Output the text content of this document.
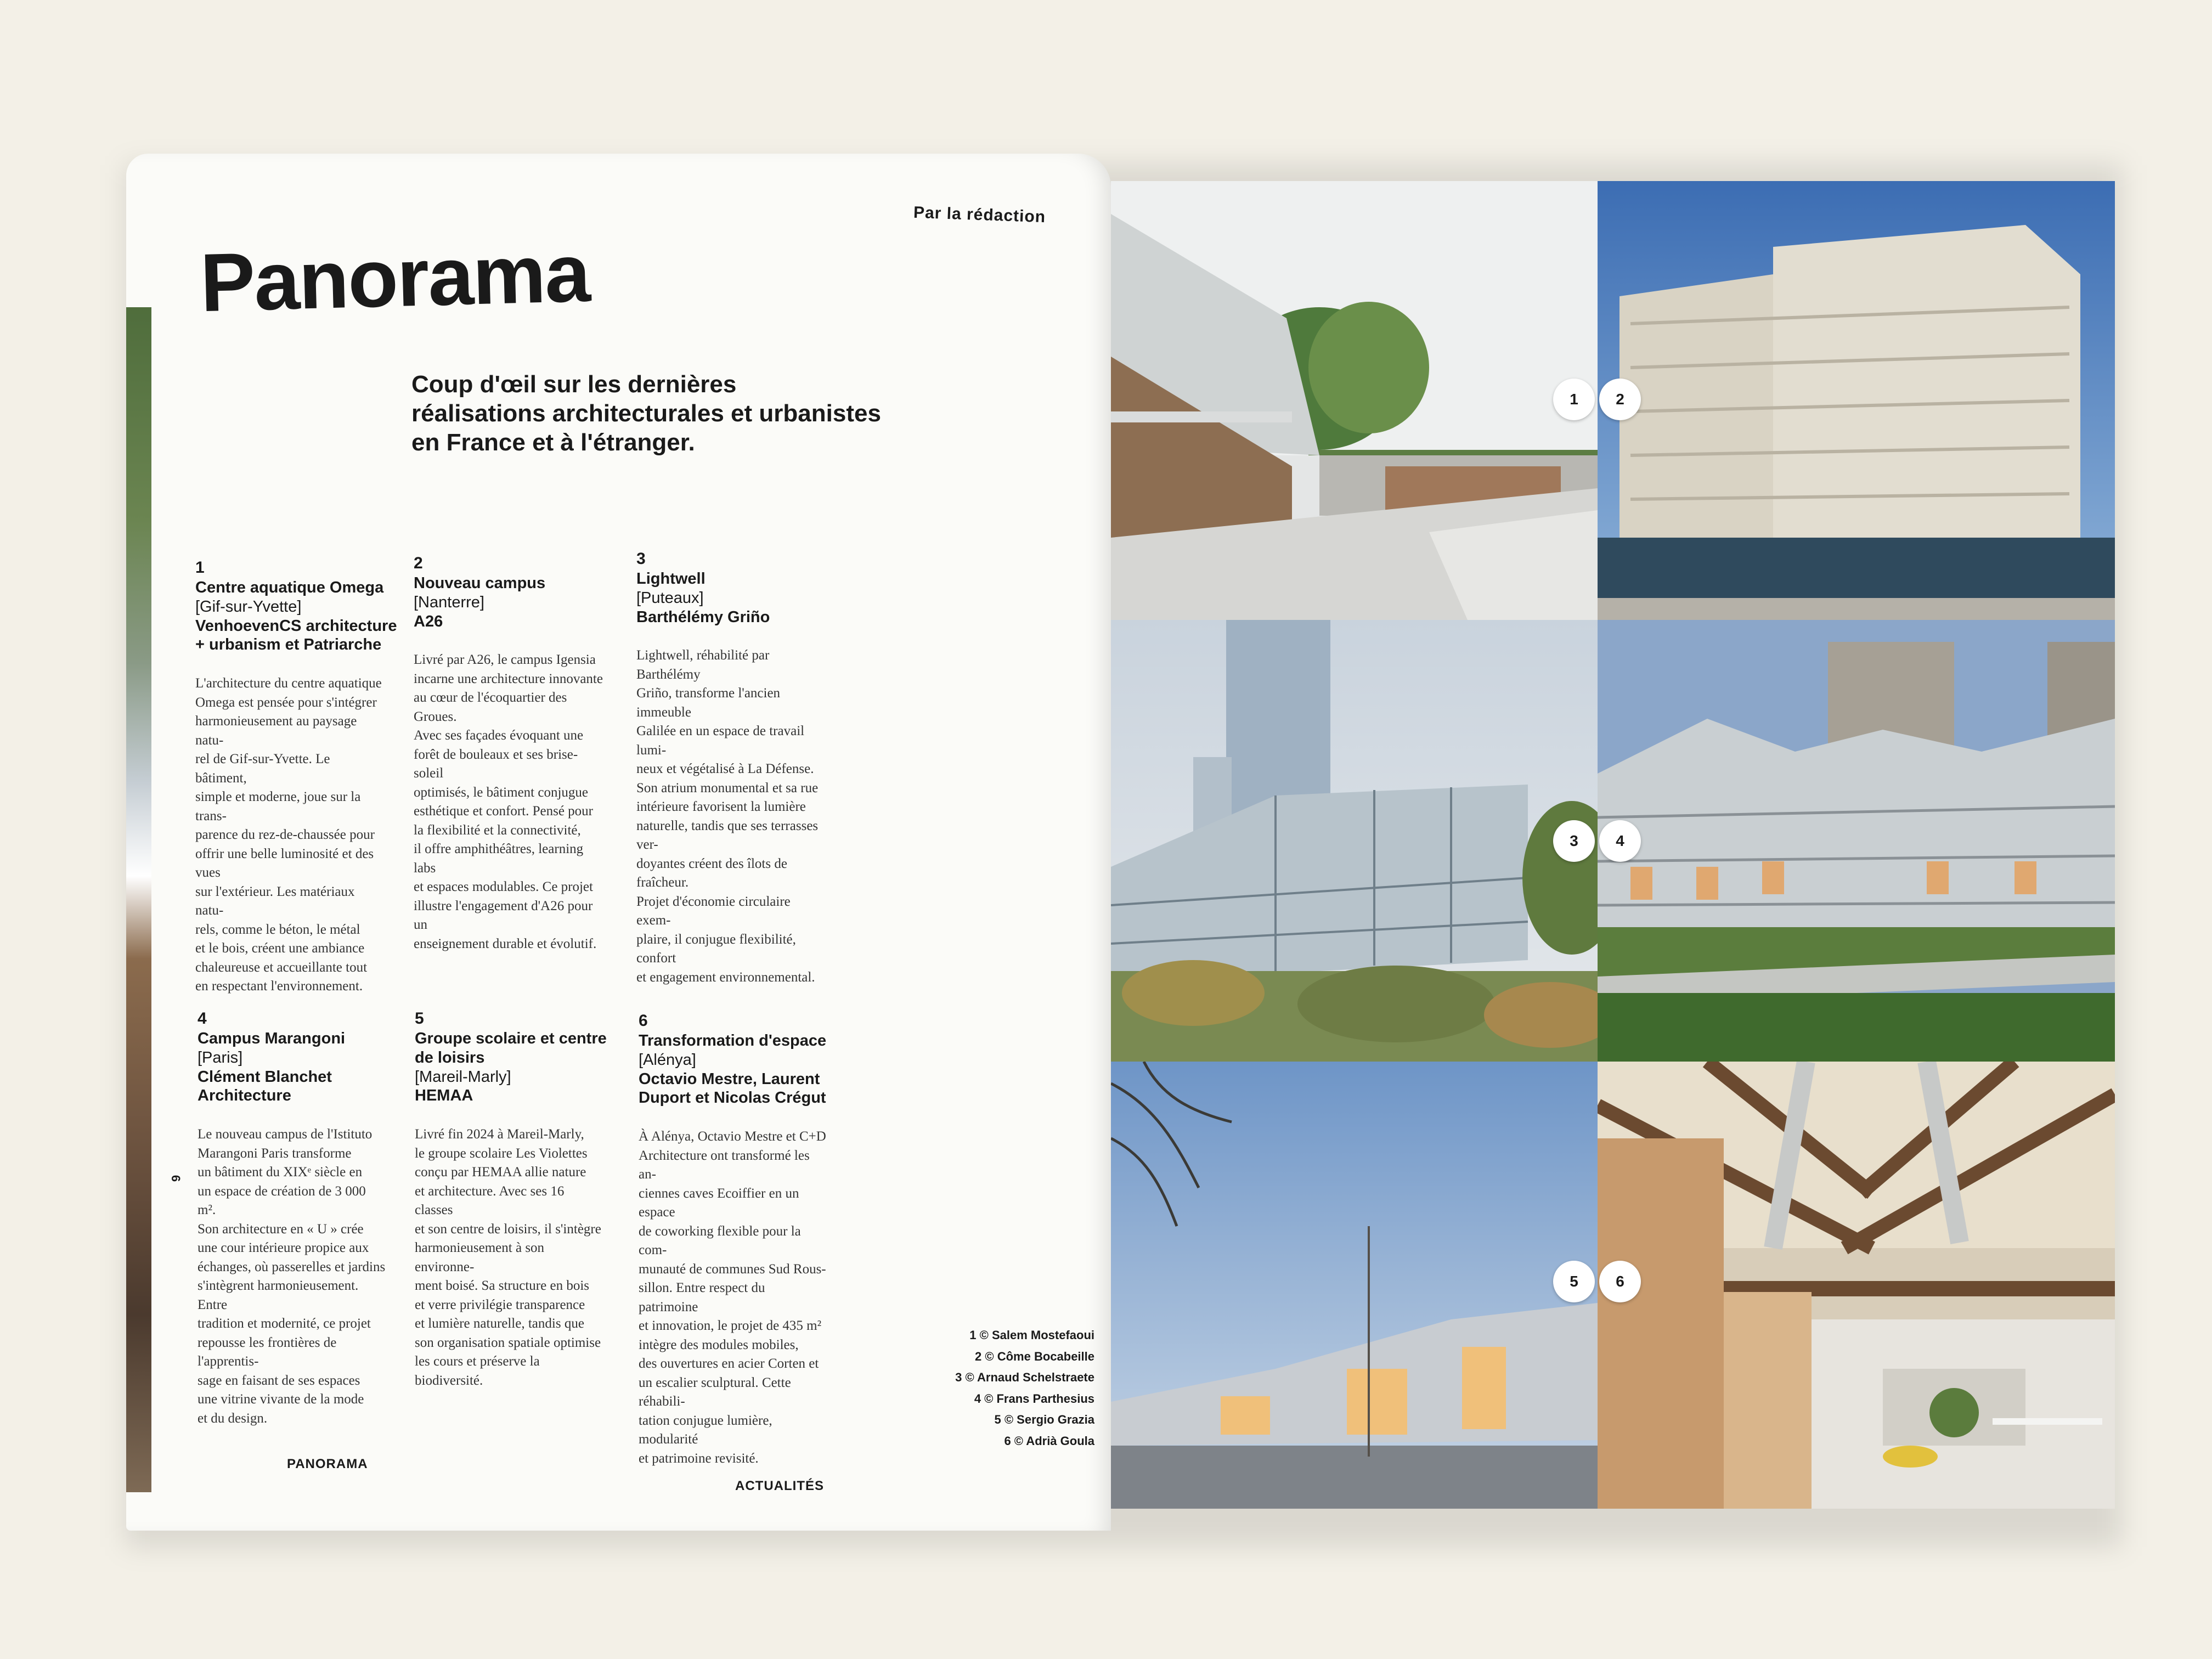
Par la rédaction
Panorama
Coup d'œil sur les dernières
réalisations architecturales et urbanistes
en France et à l'étranger.
1
Centre aquatique Omega
[Gif-sur-Yvette]
VenhoevenCS architecture
+ urbanism et Patriarche
L'architecture du centre aquatique
Omega est pensée pour s'intégrer
harmonieusement au paysage natu-
rel de Gif-sur-Yvette. Le bâtiment,
simple et moderne, joue sur la trans-
parence du rez-de-chaussée pour
offrir une belle luminosité et des vues
sur l'extérieur. Les matériaux natu-
rels, comme le béton, le métal
et le bois, créent une ambiance
chaleureuse et accueillante tout
en respectant l'environnement.
2
Nouveau campus
[Nanterre]
A26
Livré par A26, le campus Igensia
incarne une architecture innovante
au cœur de l'écoquartier des Groues.
Avec ses façades évoquant une
forêt de bouleaux et ses brise-soleil
optimisés, le bâtiment conjugue
esthétique et confort. Pensé pour
la flexibilité et la connectivité,
il offre amphithéâtres, learning labs
et espaces modulables. Ce projet
illustre l'engagement d'A26 pour un
enseignement durable et évolutif.
3
Lightwell
[Puteaux]
Barthélémy Griño
Lightwell, réhabilité par Barthélémy
Griño, transforme l'ancien immeuble
Galilée en un espace de travail lumi-
neux et végétalisé à La Défense.
Son atrium monumental et sa rue
intérieure favorisent la lumière
naturelle, tandis que ses terrasses ver-
doyantes créent des îlots de fraîcheur.
Projet d'économie circulaire exem-
plaire, il conjugue flexibilité, confort
et engagement environnemental.
4
Campus Marangoni
[Paris]
Clément Blanchet
Architecture
Le nouveau campus de l'Istituto
Marangoni Paris transforme
un bâtiment du XIXᵉ siècle en
un espace de création de 3 000 m².
Son architecture en « U » crée
une cour intérieure propice aux
échanges, où passerelles et jardins
s'intègrent harmonieusement. Entre
tradition et modernité, ce projet
repousse les frontières de l'apprentis-
sage en faisant de ses espaces
une vitrine vivante de la mode
et du design.
5
Groupe scolaire et centre
de loisirs
[Mareil-Marly]
HEMAA
Livré fin 2024 à Mareil-Marly,
le groupe scolaire Les Violettes
conçu par HEMAA allie nature
et architecture. Avec ses 16 classes
et son centre de loisirs, il s'intègre
harmonieusement à son environne-
ment boisé. Sa structure en bois
et verre privilégie transparence
et lumière naturelle, tandis que
son organisation spatiale optimise
les cours et préserve la biodiversité.
6
Transformation d'espace
[Alénya]
Octavio Mestre, Laurent
Duport et Nicolas Crégut
À Alénya, Octavio Mestre et C+D
Architecture ont transformé les an-
ciennes caves Ecoiffier en un espace
de coworking flexible pour la com-
munauté de communes Sud Rous-
sillon. Entre respect du patrimoine
et innovation, le projet de 435 m²
intègre des modules mobiles,
des ouvertures en acier Corten et
un escalier sculptural. Cette réhabili-
tation conjugue lumière, modularité
et patrimoine revisité.
1 © Salem Mostefaoui
2 © Côme Bocabeille
3 © Arnaud Schelstraete
4 © Frans Parthesius
5 © Sergio Grazia
6 © Adrià Goula
PANORAMA
ACTUALITÉS
6
1	2
3	4
5	6
